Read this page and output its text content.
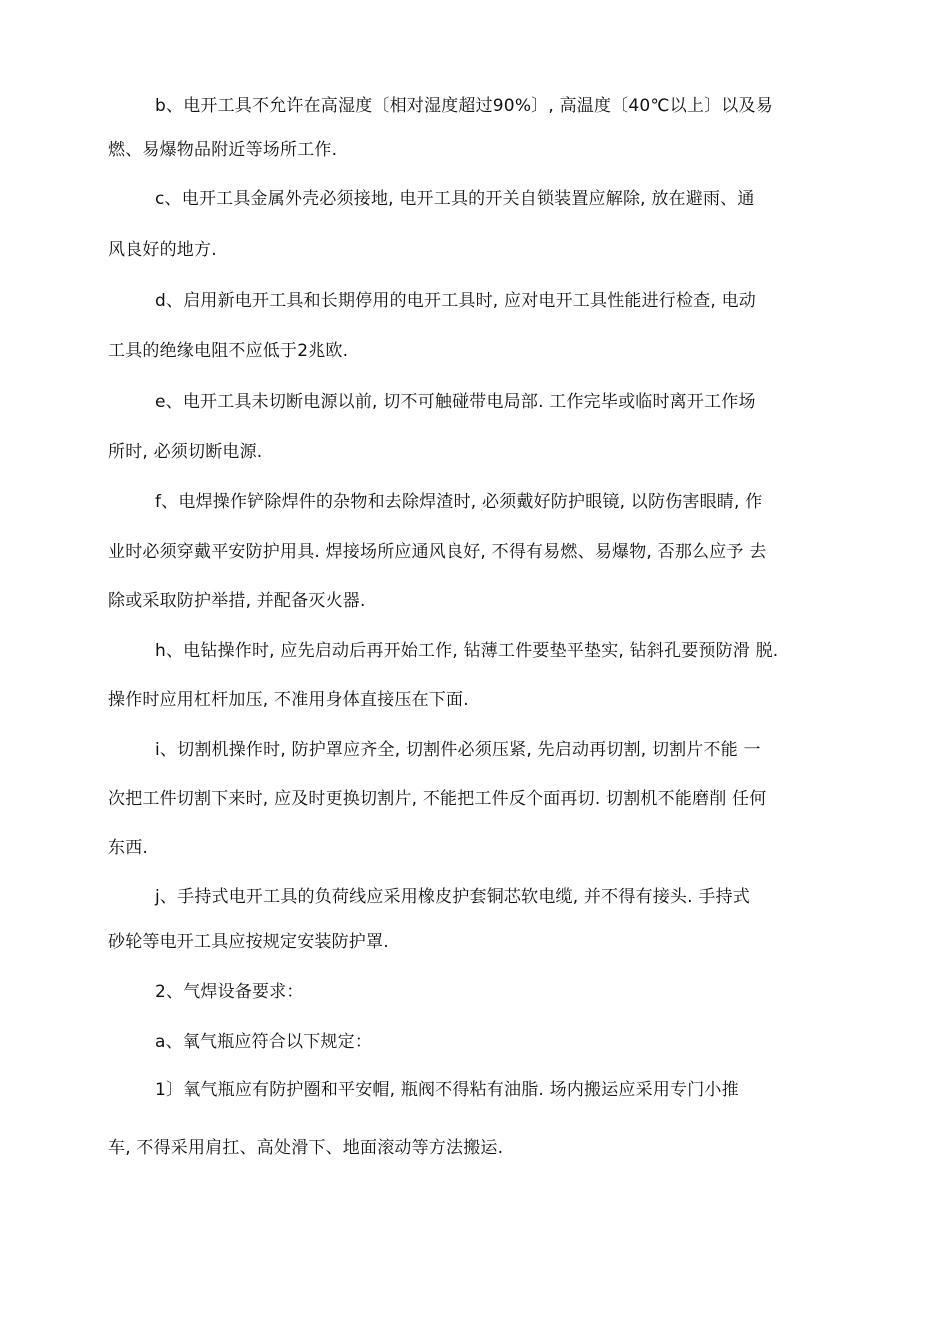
b、电开工具不允许在高湿度〔相对湿度超过90%〕, 高温度〔40℃以上〕以及易
燃、易爆物品附近等场所工作.
c、电开工具金属外壳必须接地, 电开工具的开关自锁装置应解除, 放在避雨、通
风良好的地方.
d、启用新电开工具和长期停用的电开工具时, 应对电开工具性能进行检查, 电动
工具的绝缘电阻不应低于2兆欧.
e、电开工具未切断电源以前, 切不可触碰带电局部. 工作完毕或临时离开工作场
所时, 必须切断电源.
f、电焊操作铲除焊件的杂物和去除焊渣时, 必须戴好防护眼镜, 以防伤害眼睛, 作
业时必须穿戴平安防护用具. 焊接场所应通风良好, 不得有易燃、易爆物, 否那么应予 去
除或采取防护举措, 并配备灭火器.
h、电钻操作时, 应先启动后再开始工作, 钻薄工件要垫平垫实, 钻斜孔要预防滑 脱.
操作时应用杠杆加压, 不准用身体直接压在下面.
i、切割机操作时, 防护罩应齐全, 切割件必须压紧, 先启动再切割, 切割片不能 一
次把工件切割下来时, 应及时更换切割片, 不能把工件反个面再切. 切割机不能磨削 任何
东西.
j、手持式电开工具的负荷线应采用橡皮护套铜芯软电缆, 并不得有接头. 手持式
砂轮等电开工具应按规定安装防护罩.
2、气焊设备要求：
a、氧气瓶应符合以下规定：
1〕氧气瓶应有防护圈和平安帽, 瓶阀不得粘有油脂. 场内搬运应采用专门小推
车, 不得采用肩扛、高处滑下、地面滚动等方法搬运.
